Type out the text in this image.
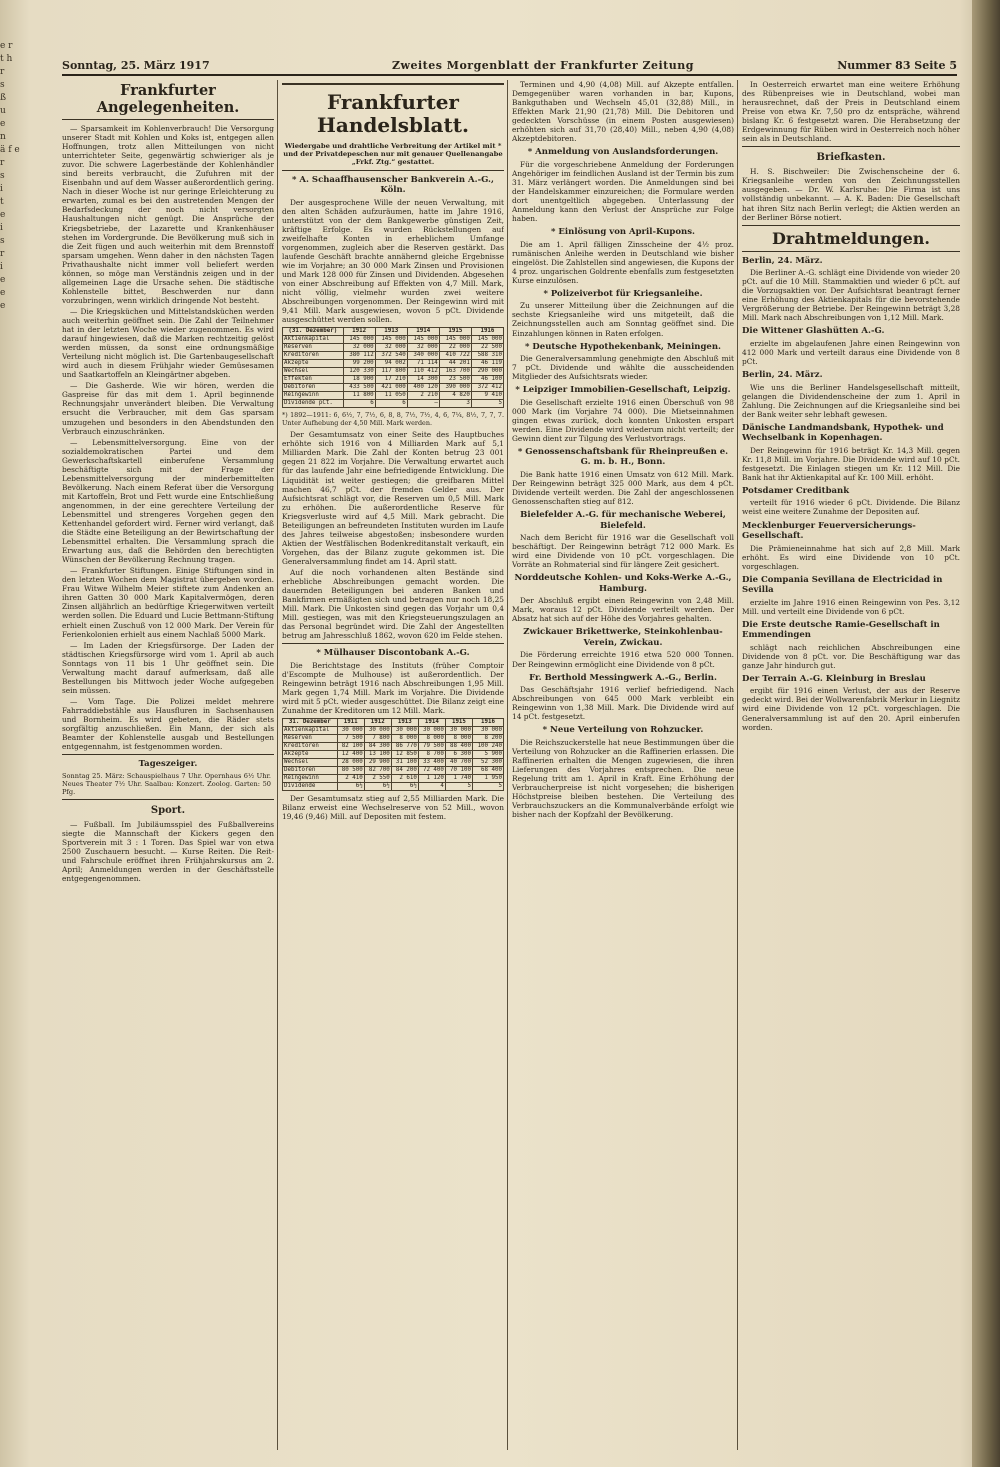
e r
t h
r
s
ß
u
e
n
ä f e
r
s
i
t
e
i
s
r
i
e
e
e
Sonntag, 25. März 1917	Zweites Morgenblatt der Frankfurter Zeitung	Nummer 83 Seite 5
Frankfurter Angelegenheiten.

— Sparsamkeit im Kohlenverbrauch! Die Versorgung unserer Stadt mit Kohlen und Koks ist, entgegen allen Hoffnungen, trotz allen Mitteilungen von nicht unterrichteter Seite, gegenwärtig schwieriger als je zuvor. Die schwere Lagerbestände der Kohlenhändler sind bereits verbraucht, die Zufuhren mit der Eisenbahn und auf dem Wasser außerordentlich gering. Nach in dieser Woche ist nur geringe Erleichterung zu erwarten, zumal es bei den austretenden Mengen der Bedarfsdeckung der noch nicht versorgten Haushaltungen nicht genügt. Die Ansprüche der Kriegsbetriebe, der Lazarette und Krankenhäuser stehen im Vordergrunde. Die Bevölkerung muß sich in die Zeit fügen und auch weiterhin mit dem Brennstoff sparsam umgehen. Wenn daher in den nächsten Tagen Privathaushalte nicht immer voll beliefert werden können, so möge man Verständnis zeigen und in der allgemeinen Lage die Ursache sehen. Die städtische Kohlenstelle bittet, Beschwerden nur dann vorzubringen, wenn wirklich dringende Not besteht.

— Die Kriegsküchen und Mittelstandsküchen werden auch weiterhin geöffnet sein. Die Zahl der Teilnehmer hat in der letzten Woche wieder zugenommen. Es wird darauf hingewiesen, daß die Marken rechtzeitig gelöst werden müssen, da sonst eine ordnungsmäßige Verteilung nicht möglich ist. Die Gartenbaugesellschaft wird auch in diesem Frühjahr wieder Gemüsesamen und Saatkartoffeln an Kleingärtner abgeben.

— Die Gasherde. Wie wir hören, werden die Gaspreise für das mit dem 1. April beginnende Rechnungsjahr unverändert bleiben. Die Verwaltung ersucht die Verbraucher, mit dem Gas sparsam umzugehen und besonders in den Abendstunden den Verbrauch einzuschränken.

— Lebensmittelversorgung. Eine von der sozialdemokratischen Partei und dem Gewerkschaftskartell einberufene Versammlung beschäftigte sich mit der Frage der Lebensmittelversorgung der minderbemittelten Bevölkerung. Nach einem Referat über die Versorgung mit Kartoffeln, Brot und Fett wurde eine Entschließung angenommen, in der eine gerechtere Verteilung der Lebensmittel und strengeres Vorgehen gegen den Kettenhandel gefordert wird. Ferner wird verlangt, daß die Städte eine Beteiligung an der Bewirtschaftung der Lebensmittel erhalten. Die Versammlung sprach die Erwartung aus, daß die Behörden den berechtigten Wünschen der Bevölkerung Rechnung tragen.

— Frankfurter Stiftungen. Einige Stiftungen sind in den letzten Wochen dem Magistrat übergeben worden. Frau Witwe Wilhelm Meier stiftete zum Andenken an ihren Gatten 30 000 Mark Kapitalvermögen, deren Zinsen alljährlich an bedürftige Kriegerwitwen verteilt werden sollen. Die Eduard und Lucie Bettmann-Stiftung erhielt einen Zuschuß von 12 000 Mark. Der Verein für Ferienkolonien erhielt aus einem Nachlaß 5000 Mark.

— Im Laden der Kriegsfürsorge. Der Laden der städtischen Kriegsfürsorge wird vom 1. April ab auch Sonntags von 11 bis 1 Uhr geöffnet sein. Die Verwaltung macht darauf aufmerksam, daß alle Bestellungen bis Mittwoch jeder Woche aufgegeben sein müssen.

— Vom Tage. Die Polizei meldet mehrere Fahrraddiebstähle aus Hausfluren in Sachsenhausen und Bornheim. Es wird gebeten, die Räder stets sorgfältig anzuschließen. Ein Mann, der sich als Beamter der Kohlenstelle ausgab und Bestellungen entgegennahm, ist festgenommen worden.

Tageszeiger.
Sonntag 25. März: Schauspielhaus 7 Uhr. Opernhaus 6½ Uhr. Neues Theater 7½ Uhr. Saalbau: Konzert. Zoolog. Garten: 50 Pfg.
Sport.

— Fußball. Im Jubiläumsspiel des Fußballvereins siegte die Mannschaft der Kickers gegen den Sportverein mit 3 : 1 Toren. Das Spiel war von etwa 2500 Zuschauern besucht. — Kurse Reiten. Die Reit- und Fahrschule eröffnet ihren Frühjahrskursus am 2. April; Anmeldungen werden in der Geschäftsstelle entgegengenommen.

Frankfurter Handelsblatt.
Wiedergabe und drahtliche Verbreitung der Artikel mit * und der Privatdepeschen nur mit genauer Quellenangabe „Frkf. Ztg.“ gestattet.
* A. Schaaffhausenscher Bankverein A.-G., Köln.

Der ausgesprochene Wille der neuen Verwaltung, mit den alten Schäden aufzuräumen, hatte im Jahre 1916, unterstützt von der dem Bankgewerbe günstigen Zeit, kräftige Erfolge. Es wurden Rückstellungen auf zweifelhafte Konten in erheblichem Umfange vorgenommen, zugleich aber die Reserven gestärkt. Das laufende Geschäft brachte annähernd gleiche Ergebnisse wie im Vorjahre; an 30 000 Mark Zinsen und Provisionen und Mark 128 000 für Zinsen und Dividenden. Abgesehen von einer Abschreibung auf Effekten von 4,7 Mill. Mark, nicht völlig, vielmehr wurden zwei weitere Abschreibungen vorgenommen. Der Reingewinn wird mit 9,41 Mill. Mark ausgewiesen, wovon 5 pCt. Dividende ausgeschüttet werden sollen.

(31. Dezember)	1912	1913	1914	1915	1916
Aktienkapital	145 000	145 000	145 000	145 000	145 000
Reserven	32 000	32 000	32 000	22 000	22 500
Kreditoren	380 112	372 540	340 000	410 722	588 310
Akzepte	99 200	94 002	71 114	44 201	46 119
Wechsel	120 330	117 800	110 412	163 700	290 000
Effekten	18 900	17 210	14 300	23 500	46 100
Debitoren	433 500	421 000	400 120	390 000	372 412
Reingewinn	11 800	11 050	2 210	4 820	9 410
Dividende pCt.	6	6	—	3	5
*) 1892—1911: 6, 6½, 7, 7½, 6, 8, 8, 7½, 7½, 4, 6, 7¼, 8½, 7, 7, 7. Unter Aufhebung der 4,50 Mill. Mark werden.

Der Gesamtumsatz von einer Seite des Hauptbuches erhöhte sich 1916 von 4 Milliarden Mark auf 5,1 Milliarden Mark. Die Zahl der Konten betrug 23 001 gegen 21 822 im Vorjahre. Die Verwaltung erwartet auch für das laufende Jahr eine befriedigende Entwicklung. Die Liquidität ist weiter gestiegen; die greifbaren Mittel machen 46,7 pCt. der fremden Gelder aus. Der Aufsichtsrat schlägt vor, die Reserven um 0,5 Mill. Mark zu erhöhen. Die außerordentliche Reserve für Kriegsverluste wird auf 4,5 Mill. Mark gebracht. Die Beteiligungen an befreundeten Instituten wurden im Laufe des Jahres teilweise abgestoßen; insbesondere wurden Aktien der Westfälischen Bodenkreditanstalt verkauft, ein Vorgehen, das der Bilanz zugute gekommen ist. Die Generalversammlung findet am 14. April statt.

Auf die noch vorhandenen alten Bestände sind erhebliche Abschreibungen gemacht worden. Die dauernden Beteiligungen bei anderen Banken und Bankfirmen ermäßigten sich und betragen nur noch 18,25 Mill. Mark. Die Unkosten sind gegen das Vorjahr um 0,4 Mill. gestiegen, was mit den Kriegsteuerungszulagen an das Personal begründet wird. Die Zahl der Angestellten betrug am Jahresschluß 1862, wovon 620 im Felde stehen.

* Mülhauser Discontobank A.-G.

Die Berichtstage des Instituts (früher Comptoir d'Escompte de Mulhouse) ist außerordentlich. Der Reingewinn beträgt 1916 nach Abschreibungen 1,95 Mill. Mark gegen 1,74 Mill. Mark im Vorjahre. Die Dividende wird mit 5 pCt. wieder ausgeschüttet. Die Bilanz zeigt eine Zunahme der Kreditoren um 12 Mill. Mark.

31. Dezember	1911	1912	1913	1914	1915	1916
Aktienkapital	30 000	30 000	30 000	30 000	30 000	30 000
Reserven	7 500	7 800	8 000	8 000	8 000	8 200
Kreditoren	82 100	84 300	86 770	79 500	88 400	100 240
Akzepte	12 400	13 100	12 850	8 700	6 300	5 900
Wechsel	28 000	29 900	31 100	33 400	40 700	52 300
Debitoren	80 500	82 700	84 200	72 400	70 100	68 400
Reingewinn	2 410	2 550	2 610	1 120	1 740	1 950
Dividende	6½	6½	6½	4	5	5

Der Gesamtumsatz stieg auf 2,55 Milliarden Mark. Die Bilanz erweist eine Wechselreserve von 52 Mill., wovon 19,46 (9,46) Mill. auf Depositen mit festem.

Terminen und 4,90 (4,08) Mill. auf Akzepte entfallen. Demgegenüber waren vorhanden in bar, Kupons, Bankguthaben und Wechseln 45,01 (32,88) Mill., in Effekten Mark 21,90 (21,78) Mill. Die Debitoren und gedeckten Vorschüsse (in einem Posten ausgewiesen) erhöhten sich auf 31,70 (28,40) Mill., neben 4,90 (4,08) Akzeptdebitoren.

* Anmeldung von Auslandsforderungen.

Für die vorgeschriebene Anmeldung der Forderungen Angehöriger im feindlichen Ausland ist der Termin bis zum 31. März verlängert worden. Die Anmeldungen sind bei der Handelskammer einzureichen; die Formulare werden dort unentgeltlich abgegeben. Unterlassung der Anmeldung kann den Verlust der Ansprüche zur Folge haben.

* Einlösung von April-Kupons.

Die am 1. April fälligen Zinsscheine der 4½ proz. rumänischen Anleihe werden in Deutschland wie bisher eingelöst. Die Zahlstellen sind angewiesen, die Kupons der 4 proz. ungarischen Goldrente ebenfalls zum festgesetzten Kurse einzulösen.

* Polizeiverbot für Kriegsanleihe.

Zu unserer Mitteilung über die Zeichnungen auf die sechste Kriegsanleihe wird uns mitgeteilt, daß die Zeichnungsstellen auch am Sonntag geöffnet sind. Die Einzahlungen können in Raten erfolgen.

* Deutsche Hypothekenbank, Meiningen.

Die Generalversammlung genehmigte den Abschluß mit 7 pCt. Dividende und wählte die ausscheidenden Mitglieder des Aufsichtsrats wieder.

* Leipziger Immobilien-Gesellschaft, Leipzig.

Die Gesellschaft erzielte 1916 einen Überschuß von 98 000 Mark (im Vorjahre 74 000). Die Mietseinnahmen gingen etwas zurück, doch konnten Unkosten erspart werden. Eine Dividende wird wiederum nicht verteilt; der Gewinn dient zur Tilgung des Verlustvortrags.

* Genossenschaftsbank für Rheinpreußen e. G. m. b. H., Bonn.

Die Bank hatte 1916 einen Umsatz von 612 Mill. Mark. Der Reingewinn beträgt 325 000 Mark, aus dem 4 pCt. Dividende verteilt werden. Die Zahl der angeschlossenen Genossenschaften stieg auf 812.

Bielefelder A.-G. für mechanische Weberei, Bielefeld.

Nach dem Bericht für 1916 war die Gesellschaft voll beschäftigt. Der Reingewinn beträgt 712 000 Mark. Es wird eine Dividende von 10 pCt. vorgeschlagen. Die Vorräte an Rohmaterial sind für längere Zeit gesichert.

Norddeutsche Kohlen- und Koks-Werke A.-G., Hamburg.

Der Abschluß ergibt einen Reingewinn von 2,48 Mill. Mark, woraus 12 pCt. Dividende verteilt werden. Der Absatz hat sich auf der Höhe des Vorjahres gehalten.

Zwickauer Brikettwerke, Steinkohlenbau-Verein, Zwickau.

Die Förderung erreichte 1916 etwa 520 000 Tonnen. Der Reingewinn ermöglicht eine Dividende von 8 pCt.

Fr. Berthold Messingwerk A.-G., Berlin.

Das Geschäftsjahr 1916 verlief befriedigend. Nach Abschreibungen von 645 000 Mark verbleibt ein Reingewinn von 1,38 Mill. Mark. Die Dividende wird auf 14 pCt. festgesetzt.

* Neue Verteilung von Rohzucker.

Die Reichszuckerstelle hat neue Bestimmungen über die Verteilung von Rohzucker an die Raffinerien erlassen. Die Raffinerien erhalten die Mengen zugewiesen, die ihren Lieferungen des Vorjahres entsprechen. Die neue Regelung tritt am 1. April in Kraft. Eine Erhöhung der Verbraucherpreise ist nicht vorgesehen; die bisherigen Höchstpreise bleiben bestehen. Die Verteilung des Verbrauchszuckers an die Kommunalverbände erfolgt wie bisher nach der Kopfzahl der Bevölkerung.

In Oesterreich erwartet man eine weitere Erhöhung des Rübenpreises wie in Deutschland, wobei man herausrechnet, daß der Preis in Deutschland einem Preise von etwa Kr. 7,50 pro dz entspräche, während bislang Kr. 6 festgesetzt waren. Die Herabsetzung der Erdgewinnung für Rüben wird in Oesterreich noch höher sein als in Deutschland.

Briefkasten.

H. S. Bischweiler: Die Zwischenscheine der 6. Kriegsanleihe werden von den Zeichnungsstellen ausgegeben. — Dr. W. Karlsruhe: Die Firma ist uns vollständig unbekannt. — A. K. Baden: Die Gesellschaft hat ihren Sitz nach Berlin verlegt; die Aktien werden an der Berliner Börse notiert.

Drahtmeldungen.
Berlin, 24. März.

Die Berliner A.-G. schlägt eine Dividende von wieder 20 pCt. auf die 10 Mill. Stammaktien und wieder 6 pCt. auf die Vorzugsaktien vor. Der Aufsichtsrat beantragt ferner eine Erhöhung des Aktienkapitals für die bevorstehende Vergrößerung der Betriebe. Der Reingewinn beträgt 3,28 Mill. Mark nach Abschreibungen von 1,12 Mill. Mark.

Die Wittener Glashütten A.-G.

erzielte im abgelaufenen Jahre einen Reingewinn von 412 000 Mark und verteilt daraus eine Dividende von 8 pCt.

Berlin, 24. März.

Wie uns die Berliner Handelsgesellschaft mitteilt, gelangen die Dividendenscheine der zum 1. April in Zahlung. Die Zeichnungen auf die Kriegsanleihe sind bei der Bank weiter sehr lebhaft gewesen.

Dänische Landmandsbank, Hypothek- und Wechselbank in Kopenhagen.

Der Reingewinn für 1916 beträgt Kr. 14,3 Mill. gegen Kr. 11,8 Mill. im Vorjahre. Die Dividende wird auf 10 pCt. festgesetzt. Die Einlagen stiegen um Kr. 112 Mill. Die Bank hat ihr Aktienkapital auf Kr. 100 Mill. erhöht.

Potsdamer Creditbank

verteilt für 1916 wieder 6 pCt. Dividende. Die Bilanz weist eine weitere Zunahme der Depositen auf.

Mecklenburger Feuerversicherungs-Gesellschaft.

Die Prämieneinnahme hat sich auf 2,8 Mill. Mark erhöht. Es wird eine Dividende von 10 pCt. vorgeschlagen.

Die Compania Sevillana de Electricidad in Sevilla

erzielte im Jahre 1916 einen Reingewinn von Pes. 3,12 Mill. und verteilt eine Dividende von 6 pCt.

Die Erste deutsche Ramie-Gesellschaft in Emmendingen

schlägt nach reichlichen Abschreibungen eine Dividende von 8 pCt. vor. Die Beschäftigung war das ganze Jahr hindurch gut.

Der Terrain A.-G. Kleinburg in Breslau

ergibt für 1916 einen Verlust, der aus der Reserve gedeckt wird. Bei der Wollwarenfabrik Merkur in Liegnitz wird eine Dividende von 12 pCt. vorgeschlagen. Die Generalversammlung ist auf den 20. April einberufen worden.
